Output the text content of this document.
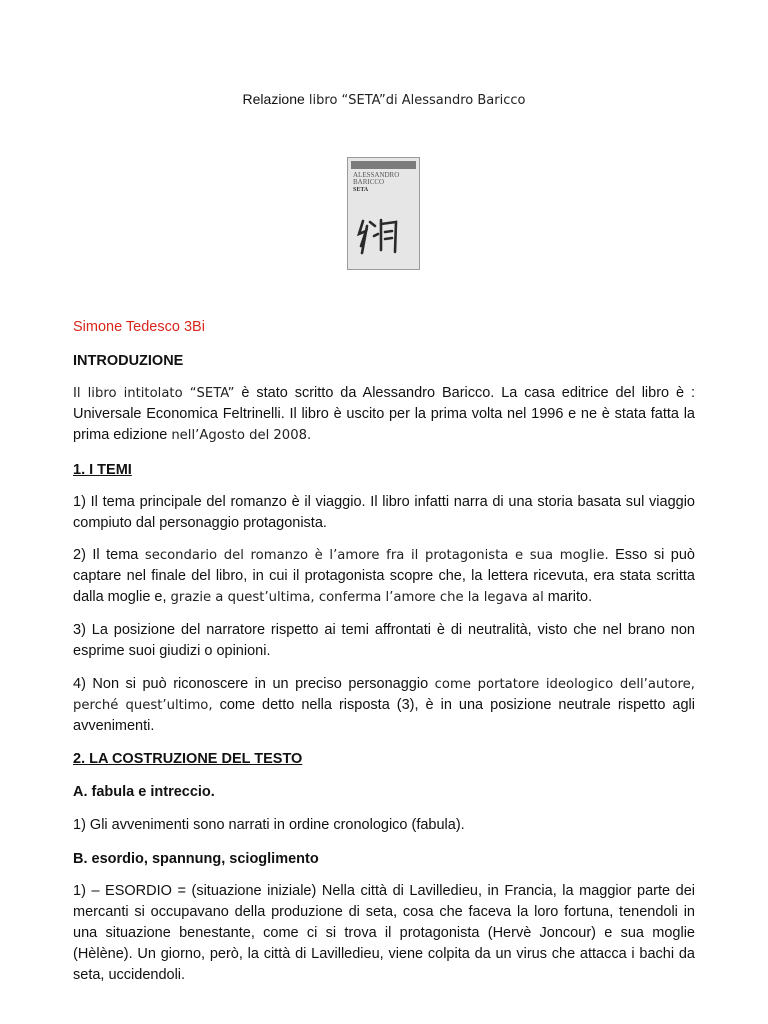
Relazione libro “SETA”di Alessandro Baricco
ALESSANDRO
BARICCO
SETA

Simone Tedesco 3Bi

INTRODUZIONE

Il libro intitolato “SETA” è stato scritto da Alessandro Baricco. La casa editrice del libro è : Universale Economica Feltrinelli. Il libro è uscito per la prima volta nel 1996 e ne è stata fatta la prima edizione nell’Agosto del 2008.

1. I TEMI

1) Il tema principale del romanzo è il viaggio. Il libro infatti narra di una storia basata sul viaggio compiuto dal personaggio protagonista.

2) Il tema secondario del romanzo è l’amore fra il protagonista e sua moglie. Esso si può captare nel finale del libro, in cui il protagonista scopre che, la lettera ricevuta, era stata scritta dalla moglie e, grazie a quest’ultima, conferma l’amore che la legava al marito.

3) La posizione del narratore rispetto ai temi affrontati è di neutralità, visto che nel brano non esprime suoi giudizi o opinioni.

4) Non si può riconoscere in un preciso personaggio come portatore ideologico dell’autore, perché quest’ultimo, come detto nella risposta (3), è in una posizione neutrale rispetto agli avvenimenti.

2. LA COSTRUZIONE DEL TESTO

A. fabula e intreccio.

1) Gli avvenimenti sono narrati in ordine cronologico (fabula).

B. esordio, spannung, scioglimento

1) – ESORDIO = (situazione iniziale) Nella città di Lavilledieu, in Francia, la maggior parte dei mercanti si occupavano della produzione di seta, cosa che faceva la loro fortuna, tenendoli in una situazione benestante, come ci si trova il protagonista (Hervè Joncour) e sua moglie (Hèlène). Un giorno, però, la città di Lavilledieu, viene colpita da un virus che attacca i bachi da seta, uccidendoli.
